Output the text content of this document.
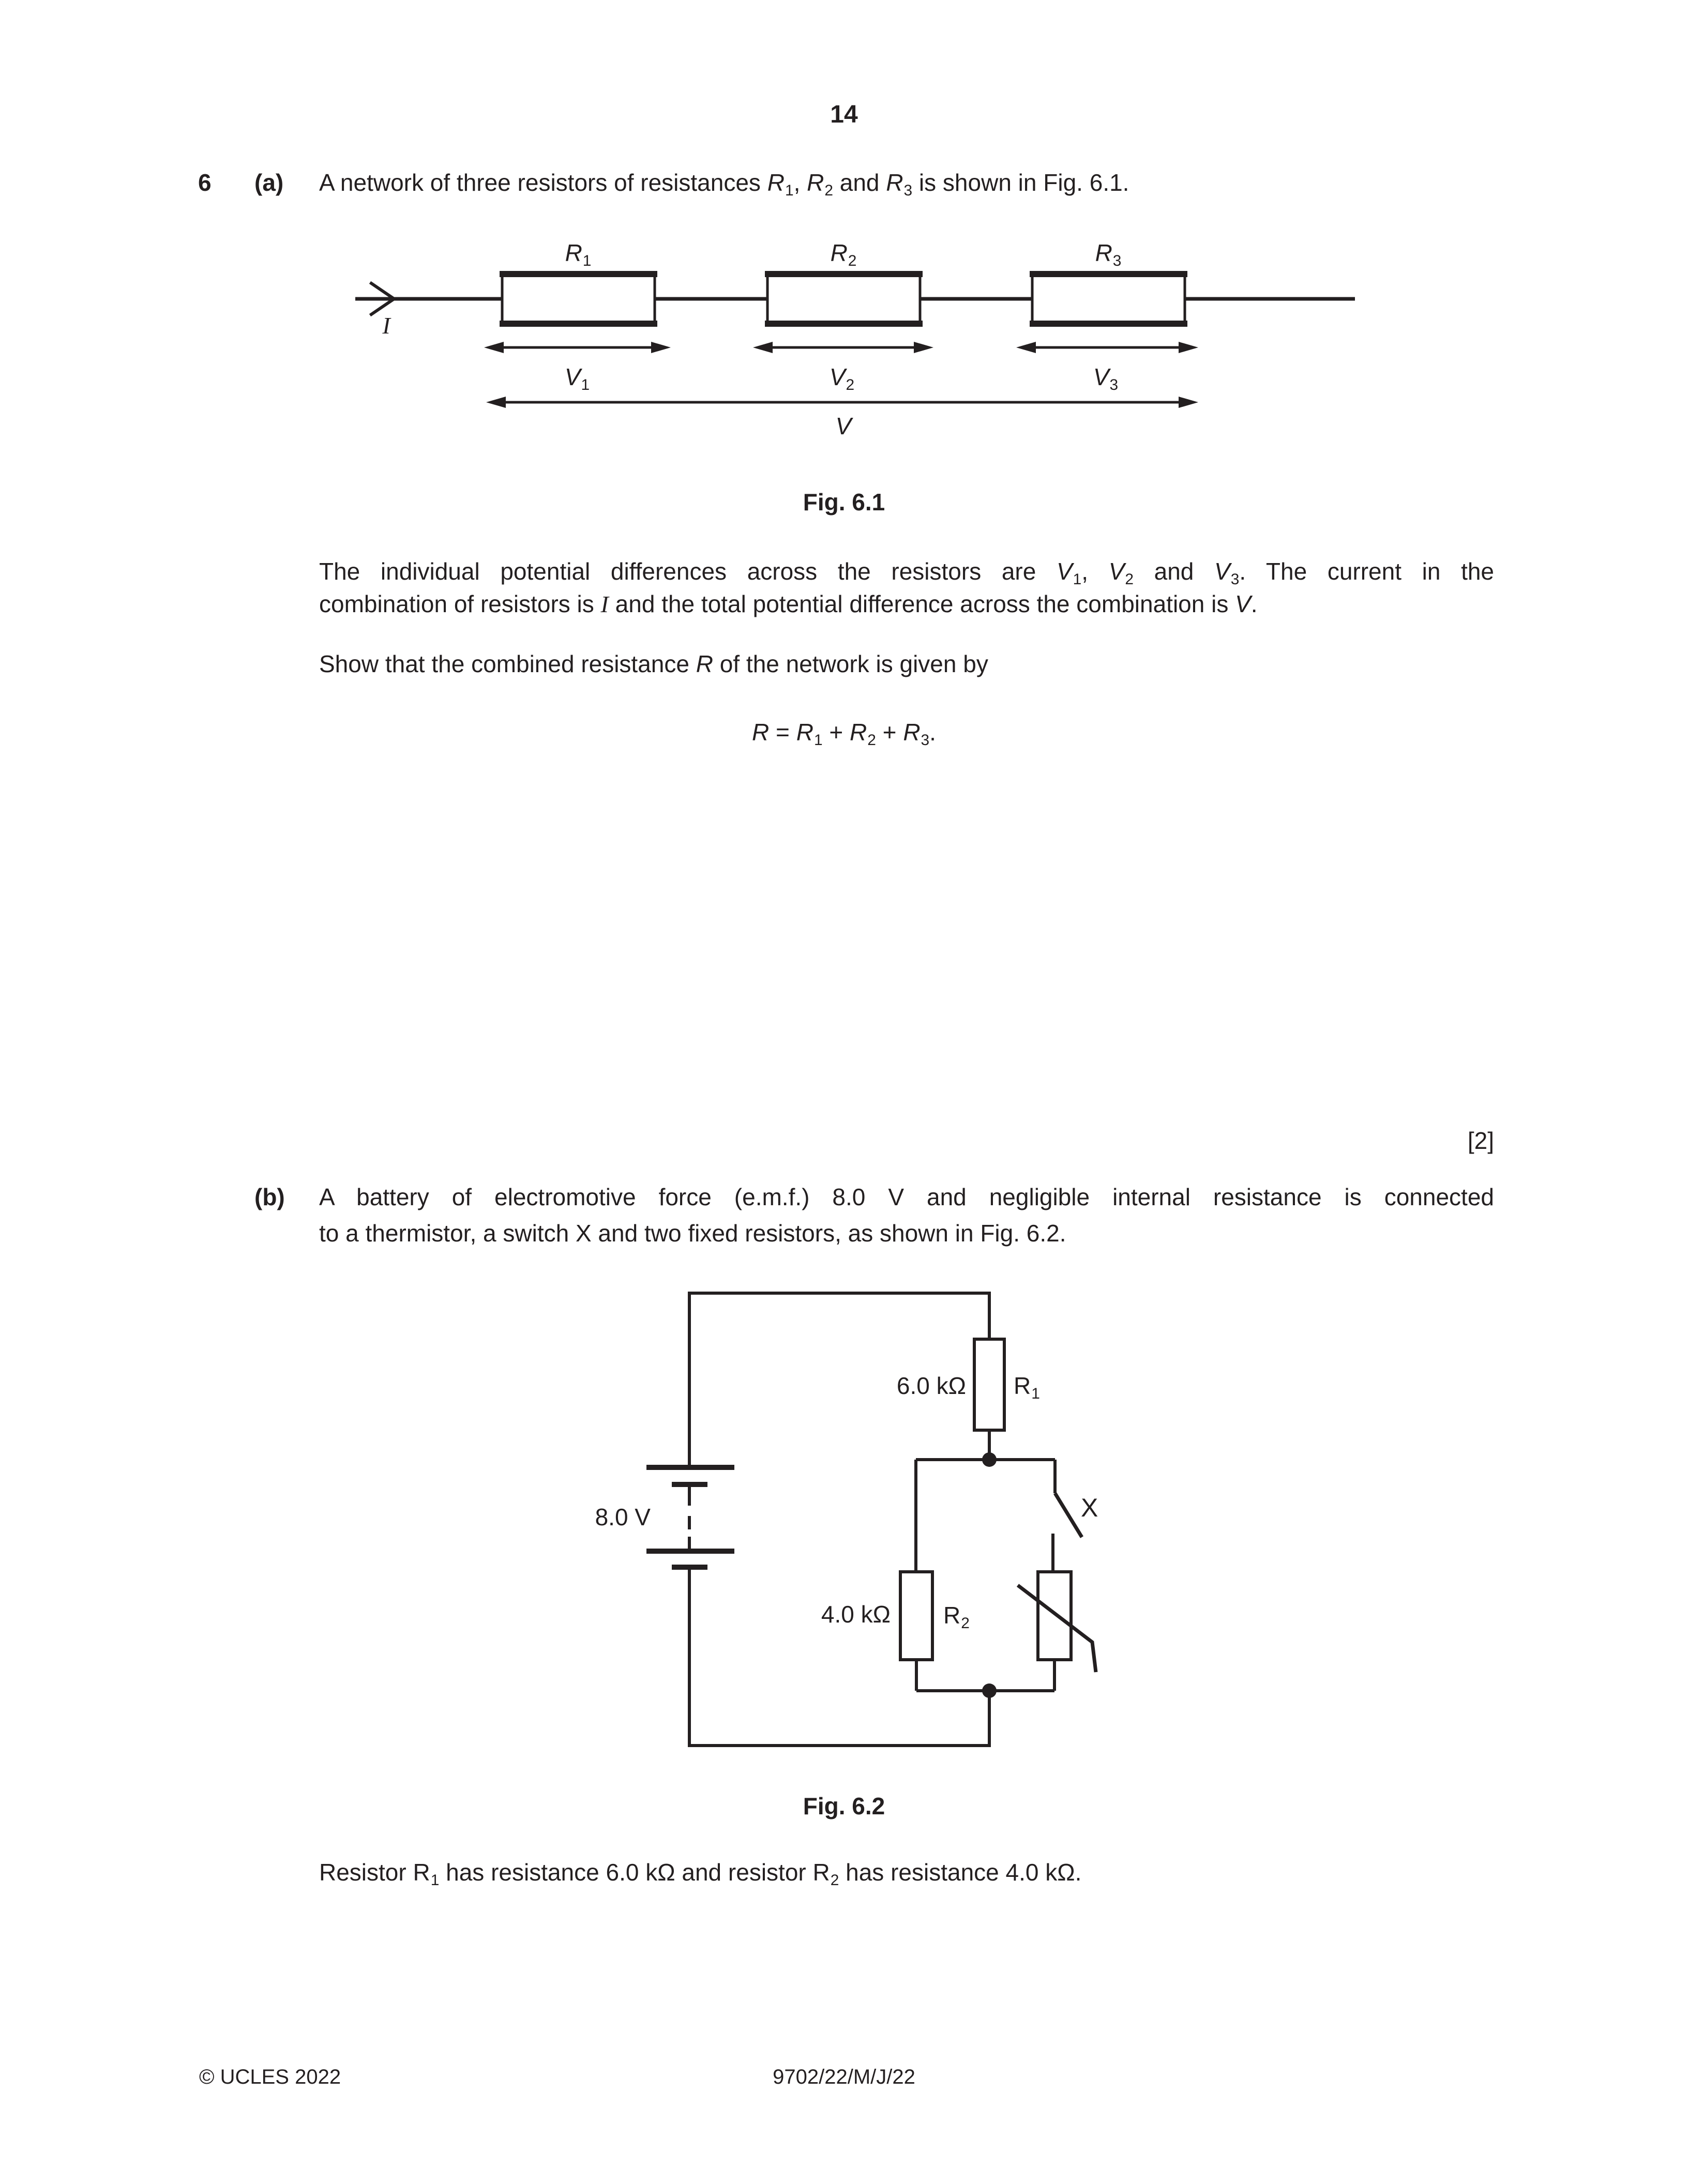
14
6 (a) A network of three resistors of resistances R1, R2 and R3 is shown in Fig. 6.1.
R1	R2	R3
I
V1	V2	V3
V
Fig. 6.1
The individual potential differences across the resistors are V1, V2 and V3. The current in the
combination of resistors is I and the total potential difference across the combination is V.
Show that the combined resistance R of the network is given by
R = R1 + R2 + R3.
[2]
(b) A battery of electromotive force (e.m.f.) 8.0 V and negligible internal resistance is connected
to a thermistor, a switch X and two fixed resistors, as shown in Fig. 6.2.
6.0 kΩ R1
8.0 V	X
4.0 kΩ R2
Fig. 6.2
Resistor R1 has resistance 6.0 kΩ and resistor R2 has resistance 4.0 kΩ.
© UCLES 2022	9702/22/M/J/22
